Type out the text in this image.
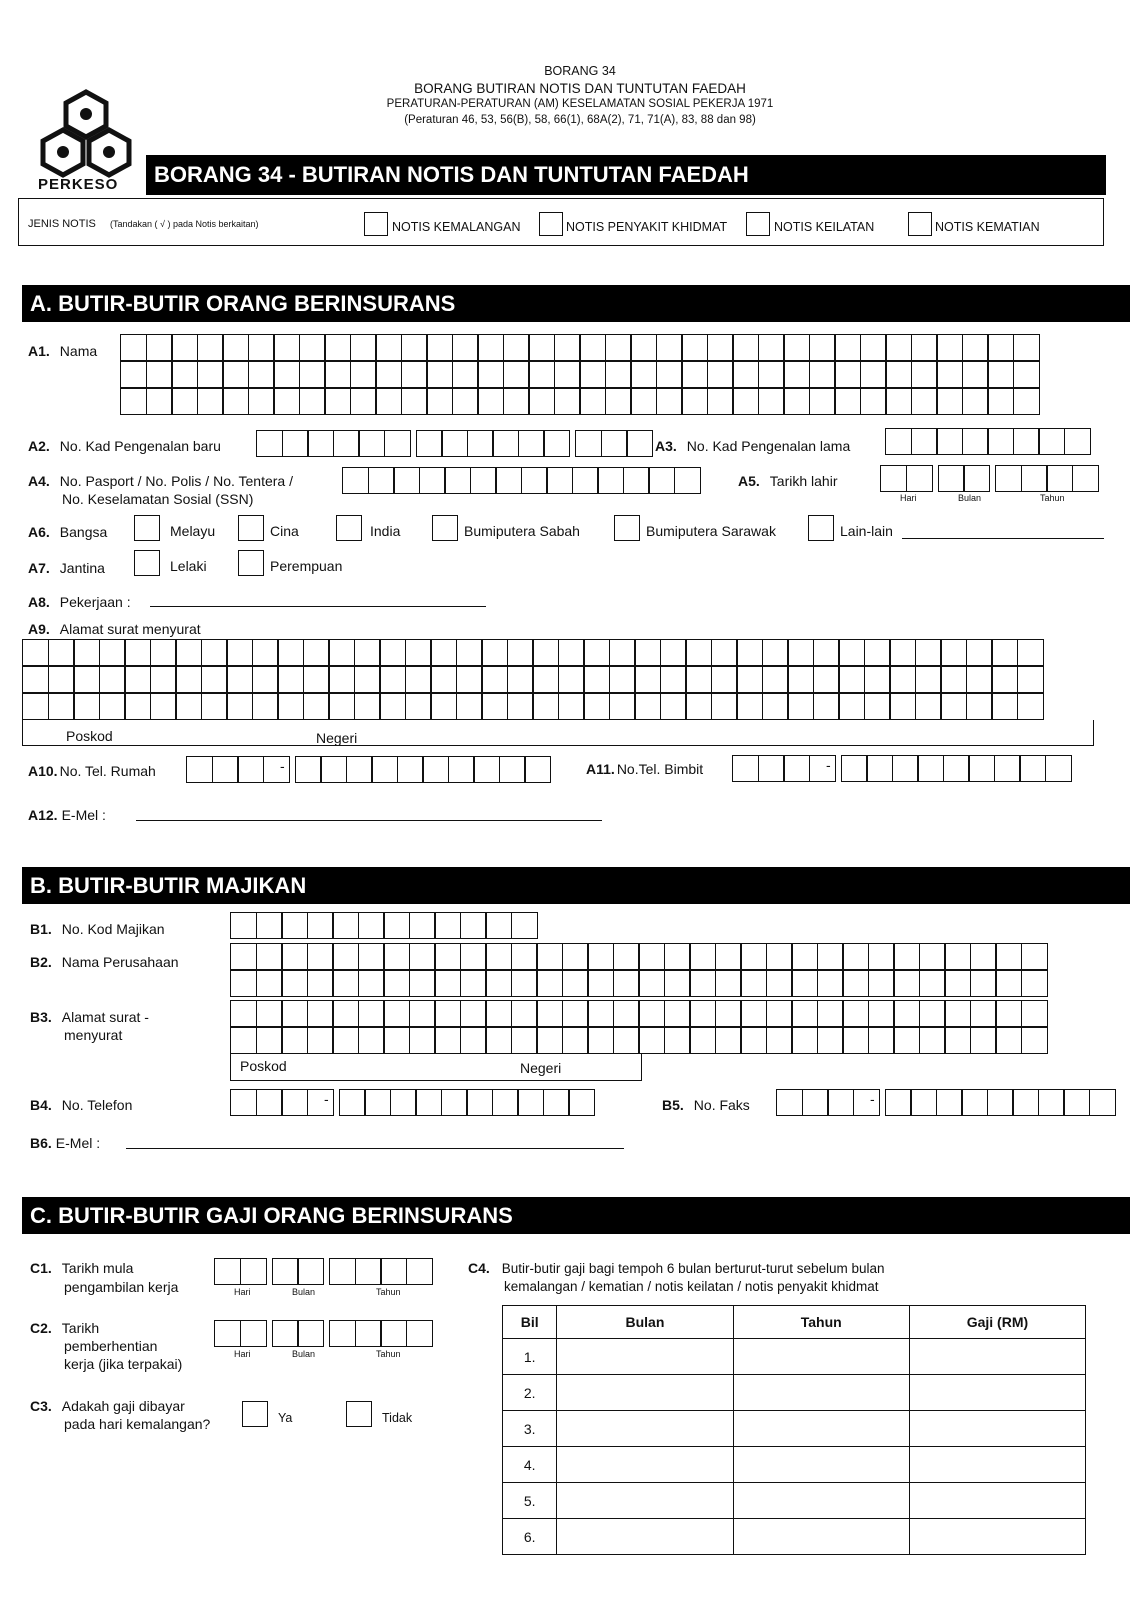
BORANG 34
BORANG BUTIRAN NOTIS DAN TUNTUTAN FAEDAH
PERATURAN-PERATURAN (AM) KESELAMATAN SOSIAL PEKERJA 1971
(Peraturan 46, 53, 56(B), 58, 66(1), 68A(2), 71, 71(A), 83, 88 dan 98)
PERKESO	BORANG 34 - BUTIRAN NOTIS DAN TUNTUTAN FAEDAH
JENIS NOTIS (Tandakan ( √ ) pada Notis berkaitan)	NOTIS KEMALANGAN	NOTIS PENYAKIT KHIDMAT	NOTIS KEILATAN	NOTIS KEMATIAN
A. BUTIR-BUTIR ORANG BERINSURANS
A1. Nama
A2. No. Kad Pengenalan baru	A3. No. Kad Pengenalan lama
A4. No. Pasport / No. Polis / No. Tentera /
No. Keselamatan Sosial (SSN)
A5. Tarikh lahir
Hari	Bulan	Tahun
A6. Bangsa	Melayu	Cina	India	Bumiputera Sabah	Bumiputera Sarawak	Lain-lain
A7. Jantina	Lelaki	Perempuan
A8. Pekerjaan :
A9. Alamat surat menyurat
Poskod	Negeri
A10. No. Tel. Rumah	-	A11. No.Tel. Bimbit	-
A12. E-Mel :
B. BUTIR-BUTIR MAJIKAN
B1. No. Kod Majikan
B2. Nama Perusahaan
B3. Alamat surat -
menyurat
Poskod	Negeri
B4. No. Telefon	-	B5. No. Faks	-
B6. E-Mel :
C. BUTIR-BUTIR GAJI ORANG BERINSURANS
C1. Tarikh mula
pengambilan kerja	Hari	Bulan	Tahun
C2. Tarikh
pemberhentian
kerja (jika terpakai)
Hari	Bulan	Tahun
C3. Adakah gaji dibayar
pada hari kemalangan?	Ya	Tidak
C4. Butir-butir gaji bagi tempoh 6 bulan berturut-turut sebelum bulan
kemalangan / kematian / notis keilatan / notis penyakit khidmat
Bil	Bulan	Tahun	Gaji (RM)
1.			
2.			
3.			
4.			
5.			
6.			
